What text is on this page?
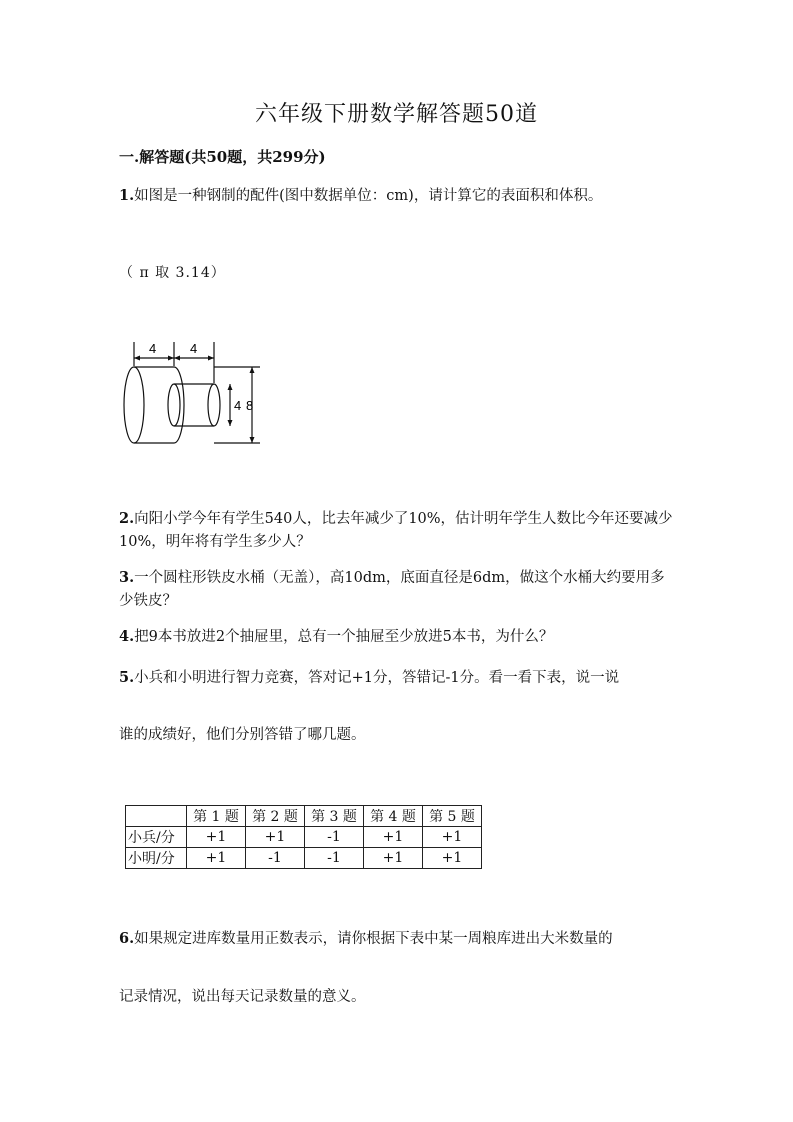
六年级下册数学解答题50道
一.解答题(共50题，共299分)
1.如图是一种钢制的配件(图中数据单位：cm)，请计算它的表面积和体积。
（ π 取 3.14）
4	4
4 8
2.向阳小学今年有学生540人，比去年减少了10%，估计明年学生人数比今年还要减少10%，明年将有学生多少人？
3.一个圆柱形铁皮水桶（无盖），高10dm，底面直径是6dm，做这个水桶大约要用多少铁皮？
4.把9本书放进2个抽屉里，总有一个抽屉至少放进5本书，为什么？
5.小兵和小明进行智力竞赛，答对记+1分，答错记-1分。看一看下表，说一说
谁的成绩好，他们分别答错了哪几题。
	第 1 题	第 2 题	第 3 题	第 4 题	第 5 题
小兵/分	+1	+1	-1	+1	+1
小明/分	+1	-1	-1	+1	+1
6.如果规定进库数量用正数表示，请你根据下表中某一周粮库进出大米数量的
记录情况，说出每天记录数量的意义。
